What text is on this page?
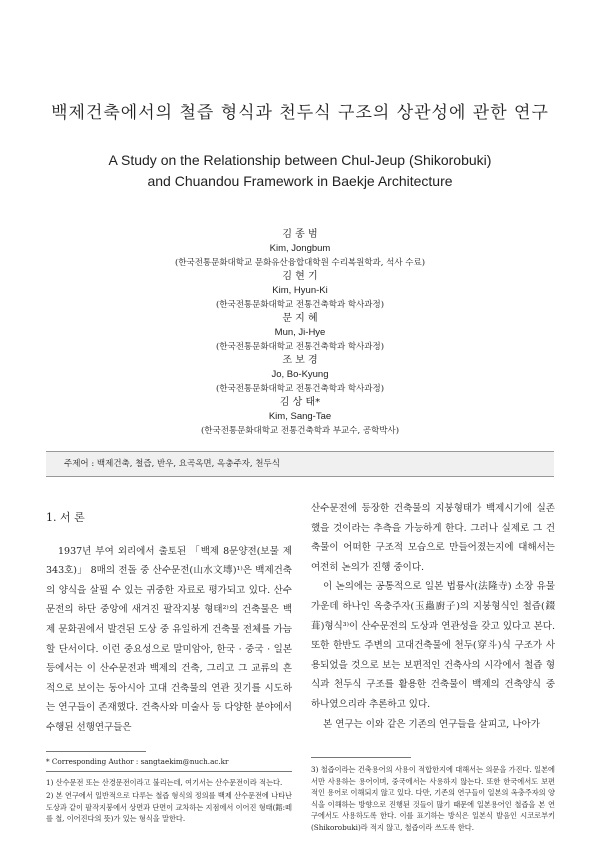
백제건축에서의 철즙 형식과 천두식 구조의 상관성에 관한 연구
A Study on the Relationship between Chul-Jeup (Shikorobuki)
and Chuandou Framework in Baekje Architecture
김 종 범
Kim, Jongbum
(한국전통문화대학교 문화유산융합대학원 수리복원학과, 석사 수료)
김 현 기
Kim, Hyun-Ki
(한국전통문화대학교 전통건축학과 학사과정)
문 지 혜
Mun, Ji-Hye
(한국전통문화대학교 전통건축학과 학사과정)
조 보 경
Jo, Bo-Kyung
(한국전통문화대학교 전통건축학과 학사과정)
김 상 태*
Kim, Sang-Tae
(한국전통문화대학교 전통건축학과 부교수, 공학박사)
주제어 : 백제건축, 철즙, 반우, 요곡옥면, 옥충주자, 천두식
1. 서 론

1937년 부여 외리에서 출토된 「백제 8문양전(보물 제343호)」 8매의 전돌 중 산수문전(山水文塼)¹⁾은 백제건축의 양식을 살필 수 있는 귀중한 자료로 평가되고 있다. 산수문전의 하단 중앙에 새겨진 팔작지붕 형태²⁾의 건축물은 백제 문화권에서 발견된 도상 중 유일하게 건축물 전체를 가늠할 단서이다. 이런 중요성으로 말미암아, 한국 · 중국 · 일본 등에서는 이 산수문전과 백제의 건축, 그리고 그 교류의 흔적으로 보이는 동아시아 고대 건축물의 연관 짓기를 시도하는 연구들이 존재했다. 건축사와 미술사 등 다양한 분야에서 수행된 선행연구들은

산수문전에 등장한 건축물의 지붕형태가 백제시기에 실존했을 것이라는 추측을 가능하게 한다. 그러나 실제로 그 건축물이 어떠한 구조적 모습으로 만들어졌는지에 대해서는 여전히 논의가 진행 중이다.

이 논의에는 공통적으로 일본 법륭사(法隆寺) 소장 유물 가운데 하나인 옥충주자(玉蟲廚子)의 지붕형식인 철즙(錣葺)형식³⁾이 산수문전의 도상과 연관성을 갖고 있다고 본다. 또한 한반도 주변의 고대건축물에 천두(穿斗)식 구조가 사용되었을 것으로 보는 보편적인 건축사의 시각에서 철즙 형식과 천두식 구조를 활용한 건축물이 백제의 건축양식 중 하나였으리라 추론하고 있다.

본 연구는 이와 같은 기존의 연구들을 살피고, 나아가

* Corresponding Author : sangtaekim@nuch.ac.kr

1) 산수문전 또는 산경문전이라고 불리는데, 여기서는 산수문전이라 적는다.

2) 본 연구에서 일반적으로 다루는 철즙 형식의 정의를 백제 산수문전에 나타난 도상과 같이 팔작지붕에서 상면과 단면이 교차하는 지점에서 이어진 형태(鎔:떼를 철, 이어진다의 뜻)가 있는 형식을 말한다.

3) 철즙이라는 건축용어의 사용이 적합한지에 대해서는 의문을 가진다. 일본에서만 사용하는 용어이며, 중국에서는 사용하지 않는다. 또한 한국에서도 보편적인 용어로 이해되지 않고 있다. 다만, 기존의 연구들이 일본의 옥충주자의 양식을 이해하는 방향으로 진행된 것들이 많기 때문에 일본용어인 철즙을 본 연구에서도 사용하도록 한다. 이를 표기하는 방식은 일본식 발음인 시코로부키(Shikorobuki)라 적지 않고, 철즙이라 쓰도록 한다.
